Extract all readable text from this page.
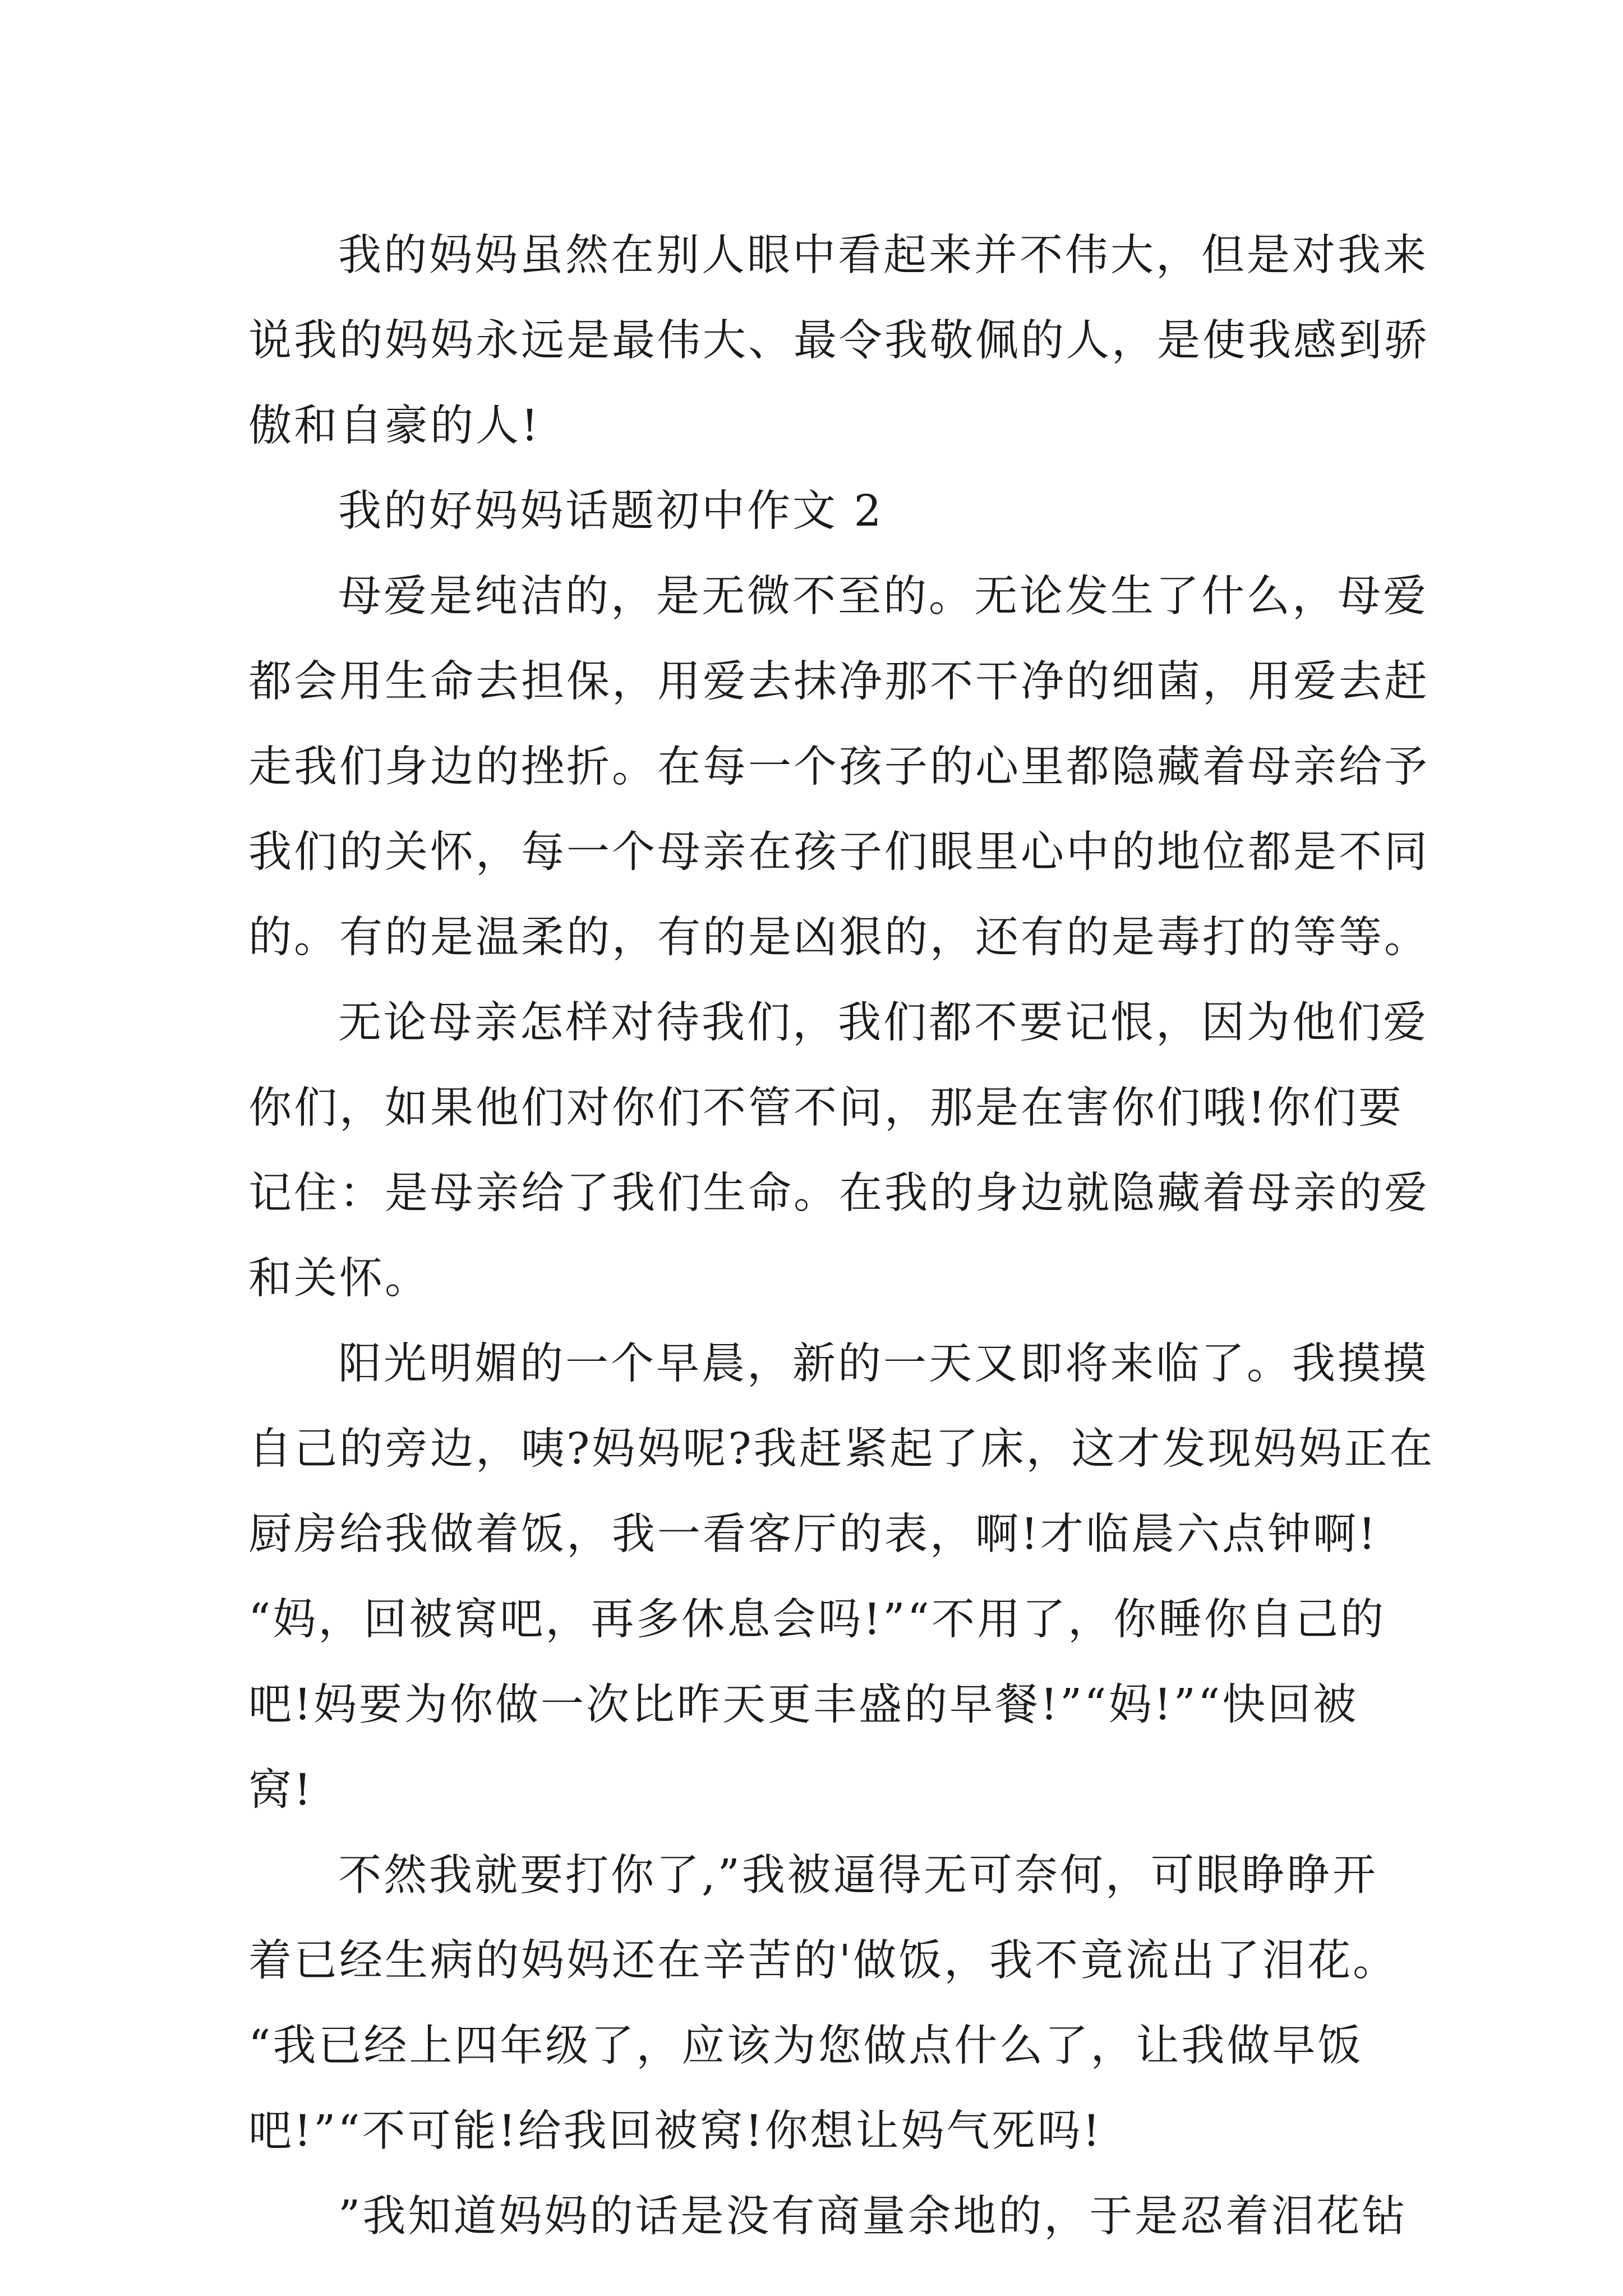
我的妈妈虽然在别人眼中看起来并不伟大，但是对我来
说我的妈妈永远是最伟大、最令我敬佩的人，是使我感到骄
傲和自豪的人!
我的好妈妈话题初中作文 2
母爱是纯洁的，是无微不至的。无论发生了什么，母爱
都会用生命去担保，用爱去抹净那不干净的细菌，用爱去赶
走我们身边的挫折。在每一个孩子的心里都隐藏着母亲给予
我们的关怀，每一个母亲在孩子们眼里心中的地位都是不同
的。有的是温柔的，有的是凶狠的，还有的是毒打的等等。
无论母亲怎样对待我们，我们都不要记恨，因为他们爱
你们，如果他们对你们不管不问，那是在害你们哦!你们要
记住：是母亲给了我们生命。在我的身边就隐藏着母亲的爱
和关怀。
阳光明媚的一个早晨，新的一天又即将来临了。我摸摸
自己的旁边，咦?妈妈呢?我赶紧起了床，这才发现妈妈正在
厨房给我做着饭，我一看客厅的表，啊!才临晨六点钟啊!
“妈，回被窝吧，再多休息会吗!”“不用了，你睡你自己的
吧!妈要为你做一次比昨天更丰盛的早餐!”“妈!”“快回被
窝!
不然我就要打你了,”我被逼得无可奈何，可眼睁睁开
着已经生病的妈妈还在辛苦的'做饭，我不竟流出了泪花。
“我已经上四年级了，应该为您做点什么了，让我做早饭
吧!”“不可能!给我回被窝!你想让妈气死吗!
”我知道妈妈的话是没有商量余地的，于是忍着泪花钻
